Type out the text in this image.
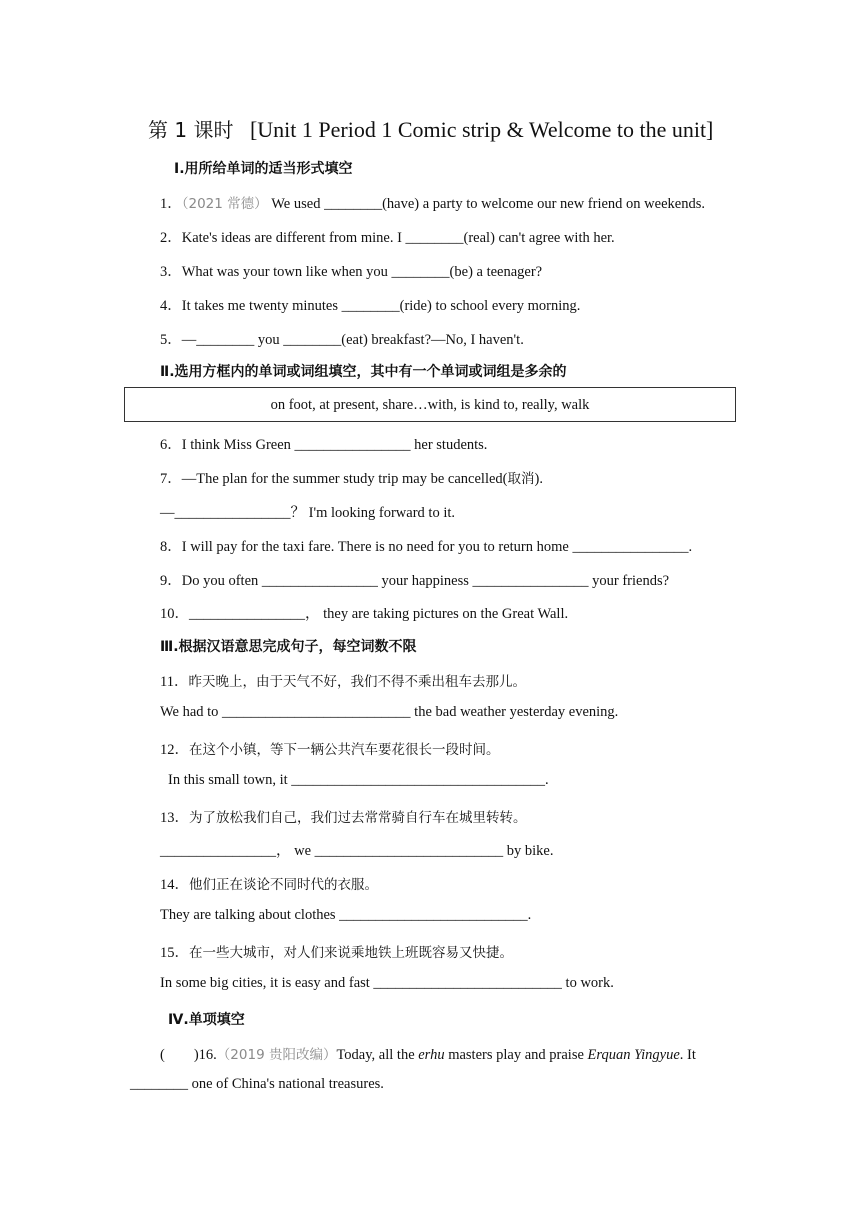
第 1 课时 [Unit 1 Period 1 Comic strip & Welcome to the unit]
Ⅰ.用所给单词的适当形式填空
1．（2021 常德） We used ________(have) a party to welcome our new friend on weekends.
2．Kate's ideas are different from mine. I ________(real) can't agree with her.
3．What was your town like when you ________(be) a teenager?
4．It takes me twenty minutes ________(ride) to school every morning.
5．—________ you ________(eat) breakfast?—No, I haven't.
Ⅱ.选用方框内的单词或词组填空，其中有一个单词或词组是多余的
on foot, at present, share…with, is kind to, really, walk
6．I think Miss Green ________________ her students.
7．—The plan for the summer study trip may be cancelled(取消).
—________________？ I'm looking forward to it.
8．I will pay for the taxi fare. There is no need for you to return home ________________.
9．Do you often ________________ your happiness ________________ your friends?
10．________________， they are taking pictures on the Great Wall.
Ⅲ.根据汉语意思完成句子，每空词数不限
11．昨天晚上，由于天气不好，我们不得不乘出租车去那儿。
We had to __________________________ the bad weather yesterday evening.
12．在这个小镇，等下一辆公共汽车要花很长一段时间。
In this small town, it ___________________________________.
13．为了放松我们自己，我们过去常常骑自行车在城里转转。
________________， we __________________________ by bike.
14．他们正在谈论不同时代的衣服。
They are talking about clothes __________________________.
15．在一些大城市，对人们来说乘地铁上班既容易又快捷。
In some big cities, it is easy and fast __________________________ to work.
Ⅳ.单项填空
(　　)16.（2019 贵阳改编）Today, all the erhu masters play and praise Erquan Yingyue. It
________ one of China's national treasures.
